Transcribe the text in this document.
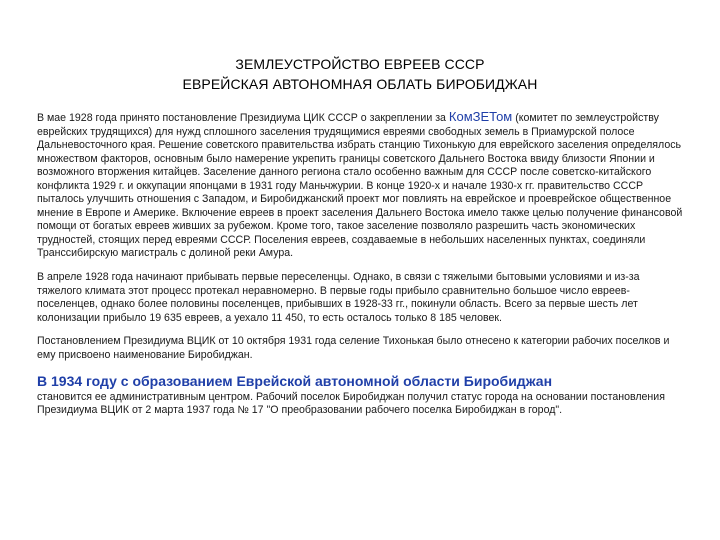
ЗЕМЛЕУСТРОЙСТВО ЕВРЕЕВ СССР
ЕВРЕЙСКАЯ АВТОНОМНАЯ ОБЛАТЬ БИРОБИДЖАН

В мае 1928 года принято постановление Президиума ЦИК СССР о закреплении за КомЗЕТом (комитет по землеустройству еврейских трудящихся) для нужд сплошного заселения трудящимися евреями свободных земель в Приамурской полосе Дальневосточного края. Решение советского правительства избрать станцию Тихонькую для еврейского заселения определялось множеством факторов, основным было намерение укрепить границы советского Дальнего Востока ввиду близости Японии и возможного вторжения китайцев. Заселение данного региона стало особенно важным для СССР после советско-китайского конфликта 1929 г. и оккупации японцами в 1931 году Маньчжурии. В конце 1920-х и начале 1930-х гг. правительство СССР пыталось улучшить отношения с Западом, и Биробиджанский проект мог повлиять на еврейское и проеврейское общественное мнение в Европе и Америке. Включение евреев в проект заселения Дальнего Востока имело также целью получение финансовой помощи от богатых евреев живших за рубежом. Кроме того, такое заселение позволяло разрешить часть экономических трудностей, стоящих перед евреями СССР. Поселения евреев, создаваемые в небольших населенных пунктах, соединяли Транссибирскую магистраль с долиной реки Амура.

В апреле 1928 года начинают прибывать первые переселенцы. Однако, в связи с тяжелыми бытовыми условиями и из-за тяжелого климата этот процесс протекал неравномерно. В первые годы прибыло сравнительно большое число евреев-поселенцев, однако более половины поселенцев, прибывших в 1928-33 гг., покинули область. Всего за первые шесть лет колонизации прибыло 19 635 евреев, а уехало 11 450, то есть осталось только 8 185 человек.

Постановлением Президиума ВЦИК от 10 октября 1931 года селение Тихонькая было отнесено к категории рабочих поселков и ему присвоено наименование Биробиджан.

В 1934 году с образованием Еврейской автономной области Биробиджан
становится ее административным центром. Рабочий поселок Биробиджан получил статус города на основании постановления Президиума ВЦИК от 2 марта 1937 года № 17 "О преобразовании рабочего поселка Биробиджан в город".
